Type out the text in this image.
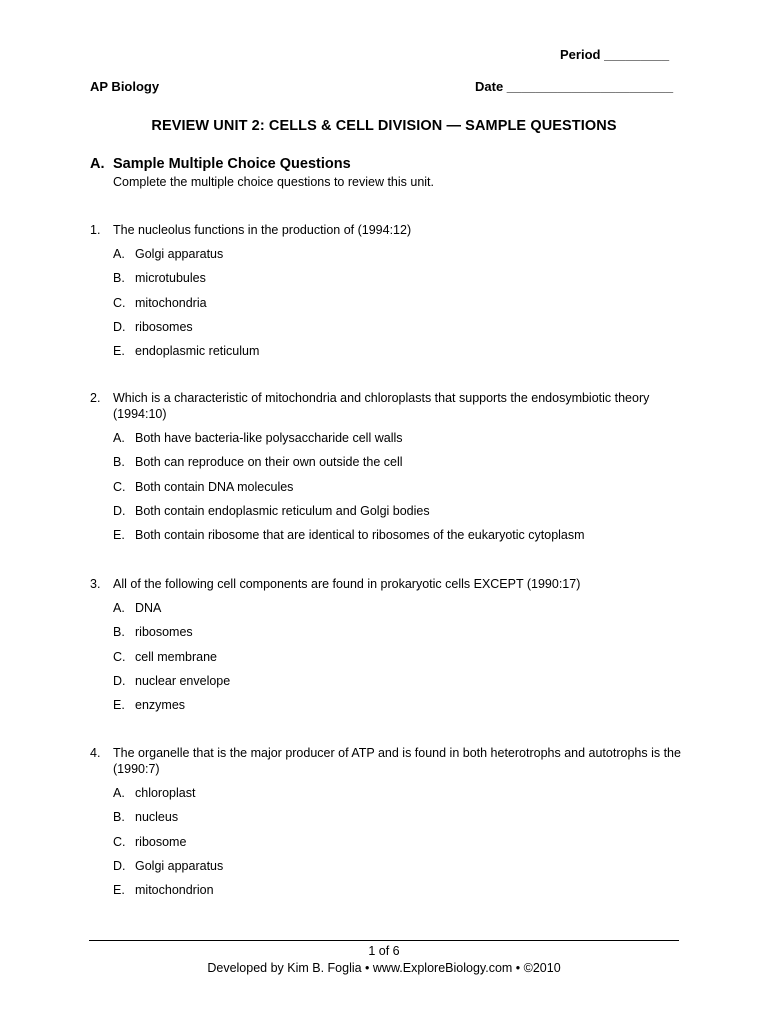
Period _________
AP Biology	Date _______________________
REVIEW UNIT 2: CELLS & CELL DIVISION — SAMPLE QUESTIONS
A. Sample Multiple Choice Questions
Complete the multiple choice questions to review this unit.
1. The nucleolus functions in the production of (1994:12)
A. Golgi apparatus
B. microtubules
C. mitochondria
D. ribosomes
E. endoplasmic reticulum
2. Which is a characteristic of mitochondria and chloroplasts that supports the endosymbiotic theory (1994:10)
A. Both have bacteria-like polysaccharide cell walls
B. Both can reproduce on their own outside the cell
C. Both contain DNA molecules
D. Both contain endoplasmic reticulum and Golgi bodies
E. Both contain ribosome that are identical to ribosomes of the eukaryotic cytoplasm
3. All of the following cell components are found in prokaryotic cells EXCEPT (1990:17)
A. DNA
B. ribosomes
C. cell membrane
D. nuclear envelope
E. enzymes
4. The organelle that is the major producer of ATP and is found in both heterotrophs and autotrophs is the (1990:7)
A. chloroplast
B. nucleus
C. ribosome
D. Golgi apparatus
E. mitochondrion
1 of 6
Developed by Kim B. Foglia • www.ExploreBiology.com • ©2010
